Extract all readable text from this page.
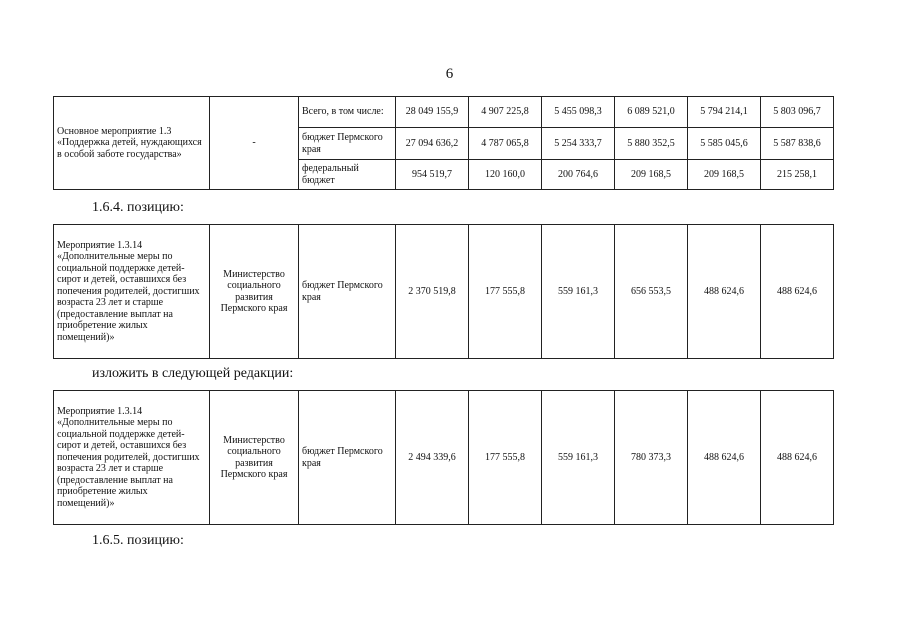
6
Основное мероприятие 1.3 «Поддержка детей, нуждающихся в особой заботе государства»	-	Всего, в том числе:	28 049 155,9	4 907 225,8	5 455 098,3	6 089 521,0	5 794 214,1	5 803 096,7
		бюджет Пермского края	27 094 636,2	4 787 065,8	5 254 333,7	5 880 352,5	5 585 045,6	5 587 838,6
		федеральный бюджет	954 519,7	120 160,0	200 764,6	209 168,5	209 168,5	215 258,1
1.6.4. позицию:
Мероприятие 1.3.14 «Дополнительные меры по социальной поддержке детей-сирот и детей, оставшихся без попечения родителей, достигших возраста 23 лет и старше (предоставление выплат на приобретение жилых помещений)»	Министерство социального развития Пермского края	бюджет Пермского края	2 370 519,8	177 555,8	559 161,3	656 553,5	488 624,6	488 624,6
изложить в следующей редакции:
Мероприятие 1.3.14 «Дополнительные меры по социальной поддержке детей-сирот и детей, оставшихся без попечения родителей, достигших возраста 23 лет и старше (предоставление выплат на приобретение жилых помещений)»	Министерство социального развития Пермского края	бюджет Пермского края	2 494 339,6	177 555,8	559 161,3	780 373,3	488 624,6	488 624,6
1.6.5. позицию:
